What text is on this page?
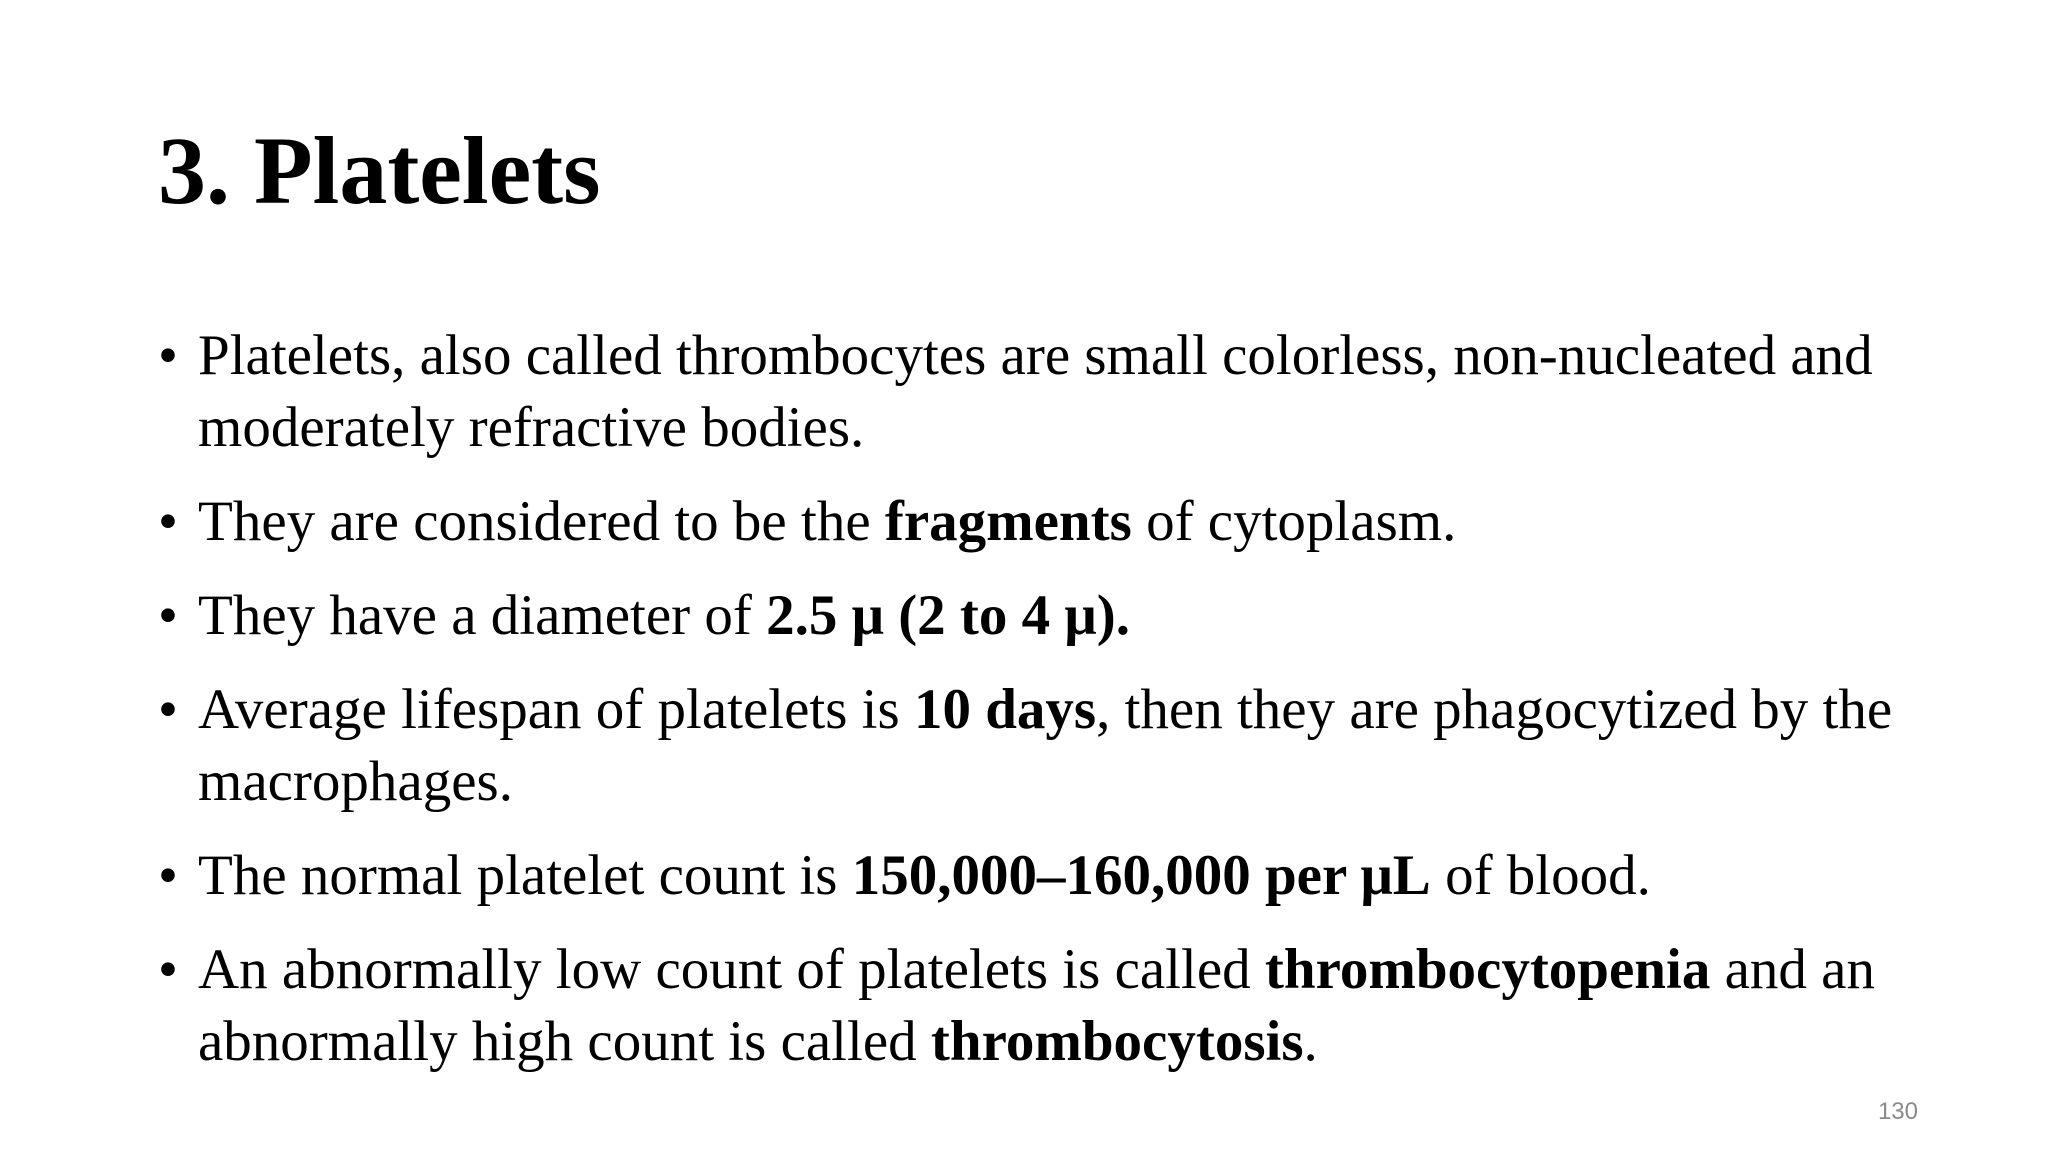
3. Platelets
• Platelets, also called thrombocytes are small colorless, non-nucleated and moderately refractive bodies.
• They are considered to be the fragments of cytoplasm.
• They have a diameter of 2.5 μ (2 to 4 μ).
• Average lifespan of platelets is 10 days, then they are phagocytized by the macrophages.
• The normal platelet count is 150,000–160,000 per μL of blood.
• An abnormally low count of platelets is called thrombocytopenia and an abnormally high count is called thrombocytosis.
130
